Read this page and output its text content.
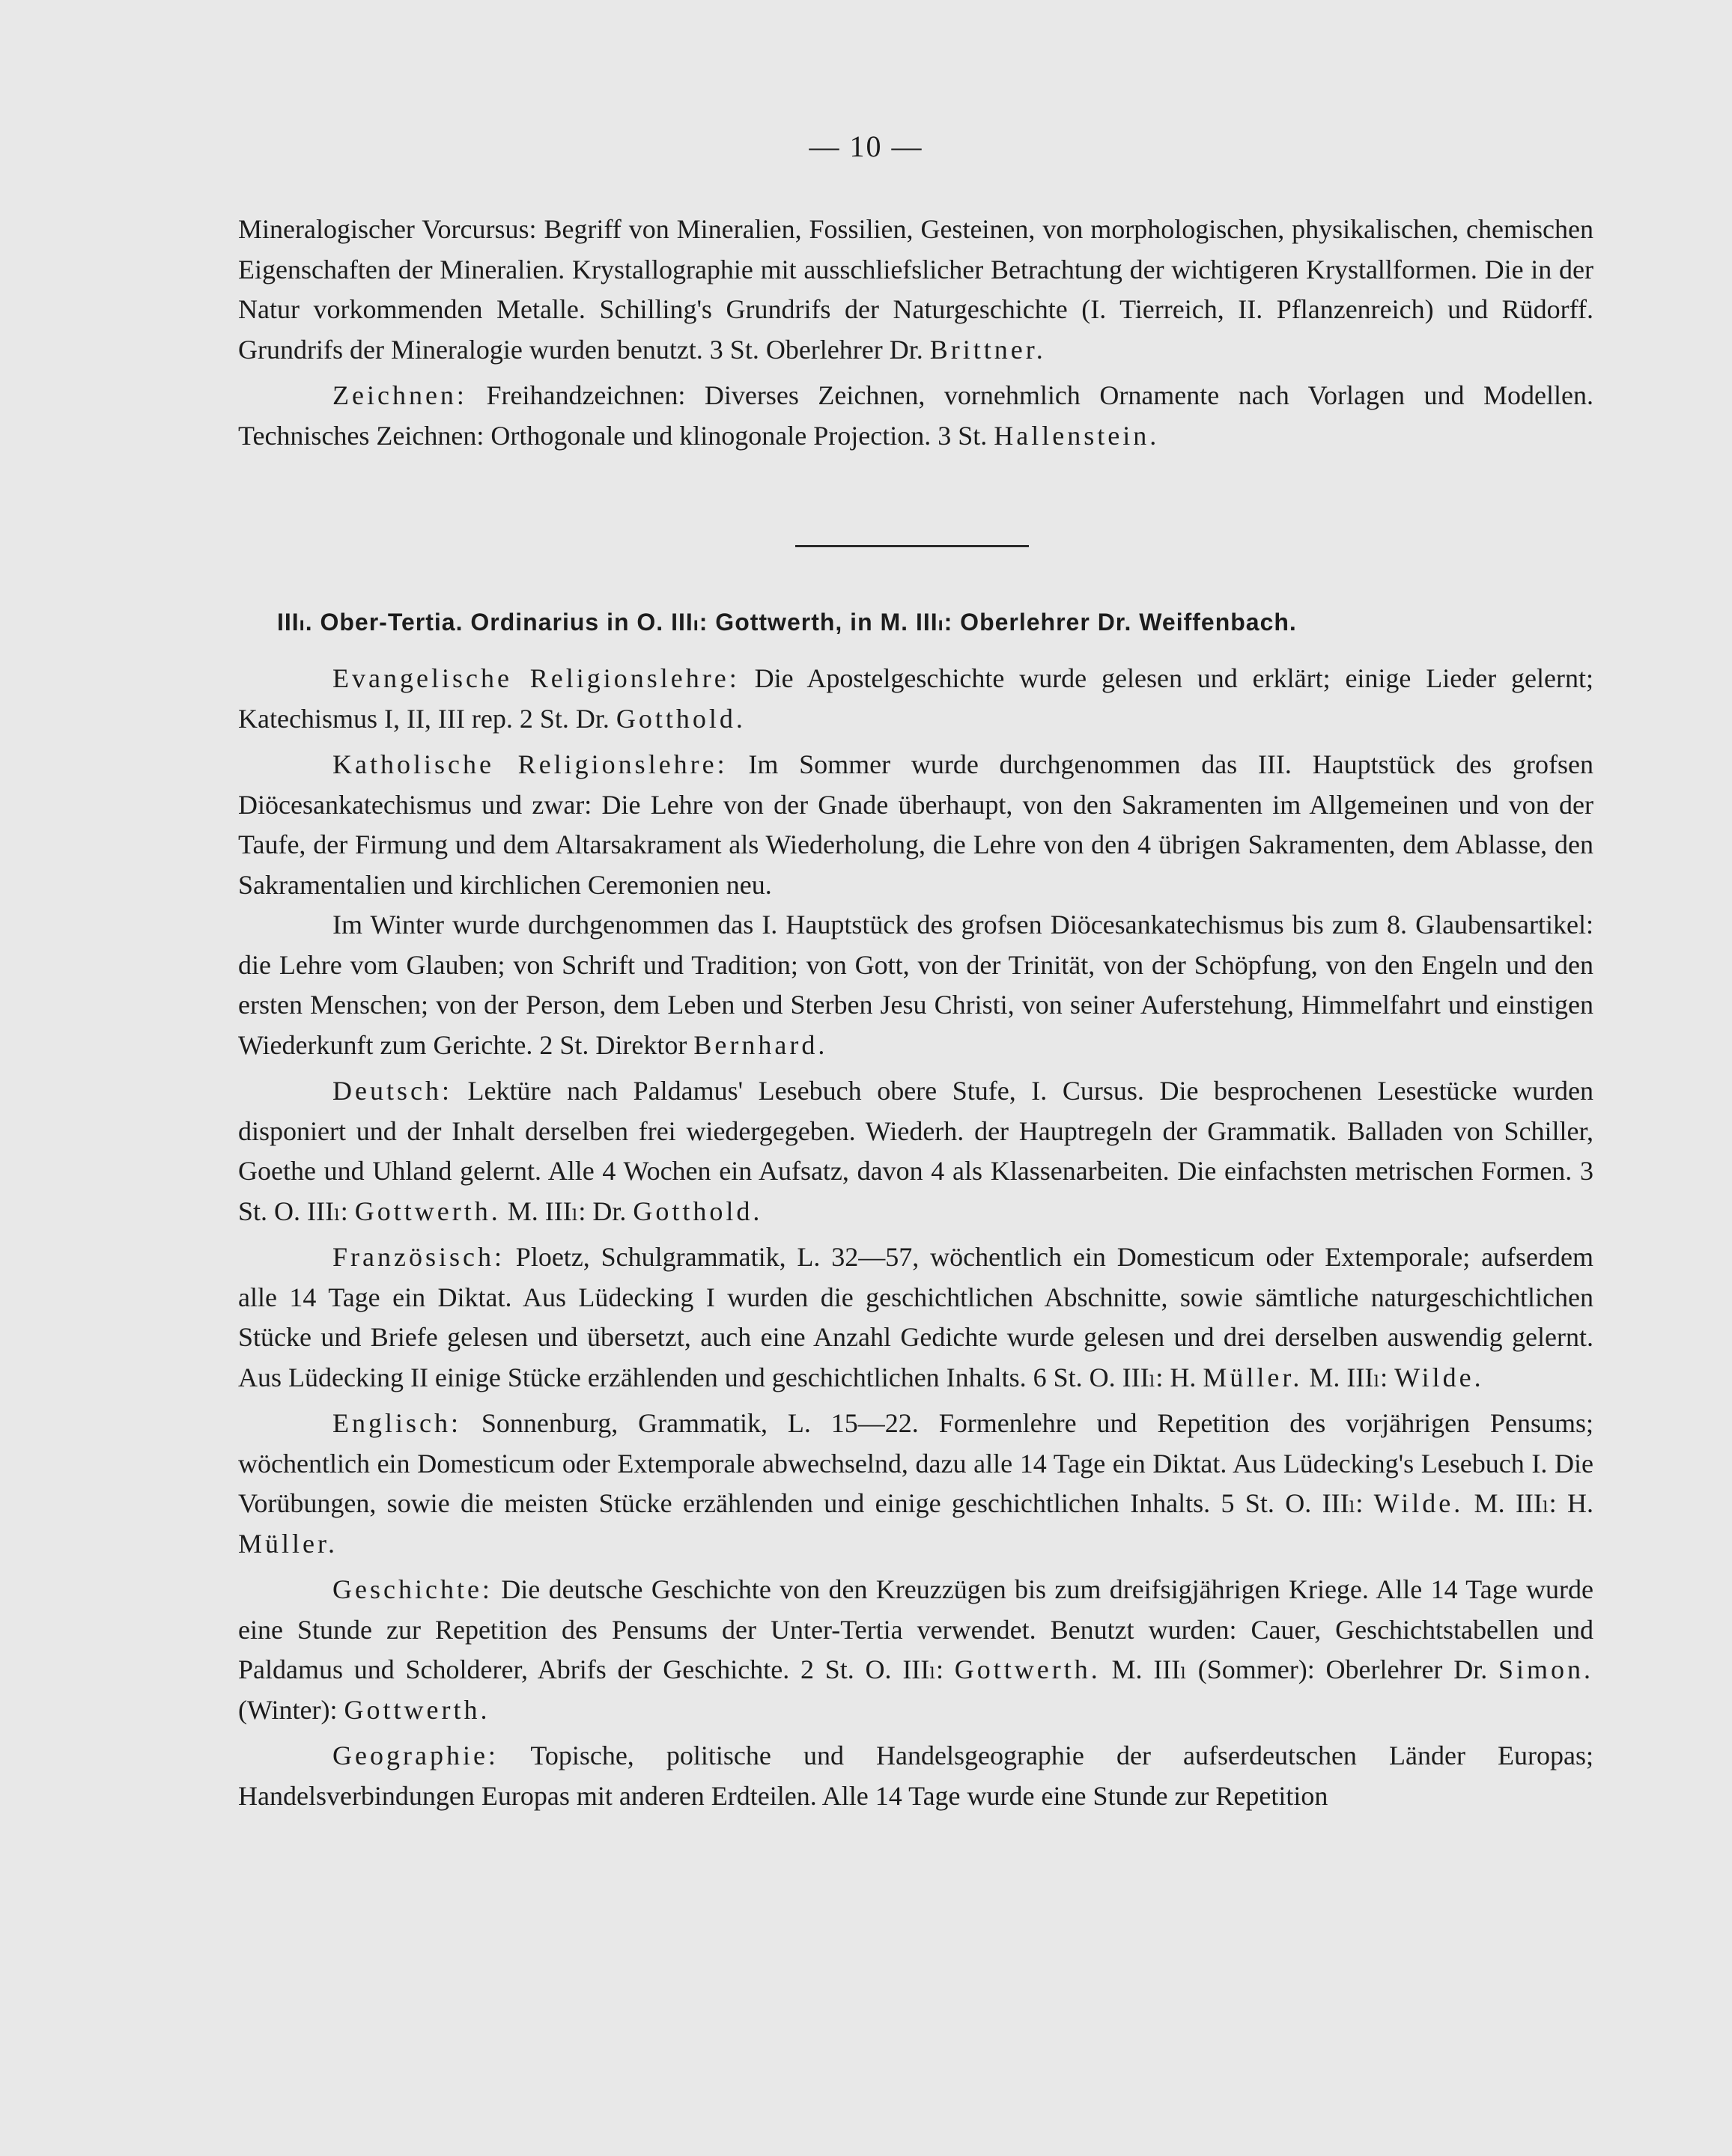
— 10 —

Mineralogischer Vorcursus: Begriff von Mineralien, Fossilien, Gesteinen, von morphologischen, physikalischen, chemischen Eigenschaften der Mineralien. Krystallographie mit ausschliefslicher Betrachtung der wichtigeren Krystallformen. Die in der Natur vorkommenden Metalle. Schilling's Grundrifs der Naturgeschichte (I. Tierreich, II. Pflanzenreich) und Rüdorff. Grundrifs der Mineralogie wurden benutzt. 3 St. Oberlehrer Dr. Brittner.

Zeichnen: Freihandzeichnen: Diverses Zeichnen, vornehmlich Ornamente nach Vorlagen und Modellen. Technisches Zeichnen: Orthogonale und klinogonale Projection. 3 St. Hallenstein.

IIIₗ. Ober-Tertia. Ordinarius in O. IIIₗ: Gottwerth, in M. IIIₗ: Oberlehrer Dr. Weiffenbach.

Evangelische Religionslehre: Die Apostelgeschichte wurde gelesen und erklärt; einige Lieder gelernt; Katechismus I, II, III rep. 2 St. Dr. Gotthold.

Katholische Religionslehre: Im Sommer wurde durchgenommen das III. Hauptstück des grofsen Diöcesankatechismus und zwar: Die Lehre von der Gnade überhaupt, von den Sakramenten im Allgemeinen und von der Taufe, der Firmung und dem Altarsakrament als Wiederholung, die Lehre von den 4 übrigen Sakramenten, dem Ablasse, den Sakramentalien und kirchlichen Ceremonien neu.

Im Winter wurde durchgenommen das I. Hauptstück des grofsen Diöcesankatechismus bis zum 8. Glaubensartikel: die Lehre vom Glauben; von Schrift und Tradition; von Gott, von der Trinität, von der Schöpfung, von den Engeln und den ersten Menschen; von der Person, dem Leben und Sterben Jesu Christi, von seiner Auferstehung, Himmelfahrt und einstigen Wiederkunft zum Gerichte. 2 St. Direktor Bernhard.

Deutsch: Lektüre nach Paldamus' Lesebuch obere Stufe, I. Cursus. Die besprochenen Lesestücke wurden disponiert und der Inhalt derselben frei wiedergegeben. Wiederh. der Hauptregeln der Grammatik. Balladen von Schiller, Goethe und Uhland gelernt. Alle 4 Wochen ein Aufsatz, davon 4 als Klassenarbeiten. Die einfachsten metrischen Formen. 3 St. O. IIIₗ: Gottwerth. M. IIIₗ: Dr. Gotthold.

Französisch: Ploetz, Schulgrammatik, L. 32—57, wöchentlich ein Domesticum oder Extemporale; aufserdem alle 14 Tage ein Diktat. Aus Lüdecking I wurden die geschichtlichen Abschnitte, sowie sämtliche naturgeschichtlichen Stücke und Briefe gelesen und übersetzt, auch eine Anzahl Gedichte wurde gelesen und drei derselben auswendig gelernt. Aus Lüdecking II einige Stücke erzählenden und geschichtlichen Inhalts. 6 St. O. IIIₗ: H. Müller. M. IIIₗ: Wilde.

Englisch: Sonnenburg, Grammatik, L. 15—22. Formenlehre und Repetition des vorjährigen Pensums; wöchentlich ein Domesticum oder Extemporale abwechselnd, dazu alle 14 Tage ein Diktat. Aus Lüdecking's Lesebuch I. Die Vorübungen, sowie die meisten Stücke erzählenden und einige geschichtlichen Inhalts. 5 St. O. IIIₗ: Wilde. M. IIIₗ: H. Müller.

Geschichte: Die deutsche Geschichte von den Kreuzzügen bis zum dreifsigjährigen Kriege. Alle 14 Tage wurde eine Stunde zur Repetition des Pensums der Unter-Tertia verwendet. Benutzt wurden: Cauer, Geschichtstabellen und Paldamus und Scholderer, Abrifs der Geschichte. 2 St. O. IIIₗ: Gottwerth. M. IIIₗ (Sommer): Oberlehrer Dr. Simon. (Winter): Gottwerth.

Geographie: Topische, politische und Handelsgeographie der aufserdeutschen Länder Europas; Handelsverbindungen Europas mit anderen Erdteilen. Alle 14 Tage wurde eine Stunde zur Repetition
